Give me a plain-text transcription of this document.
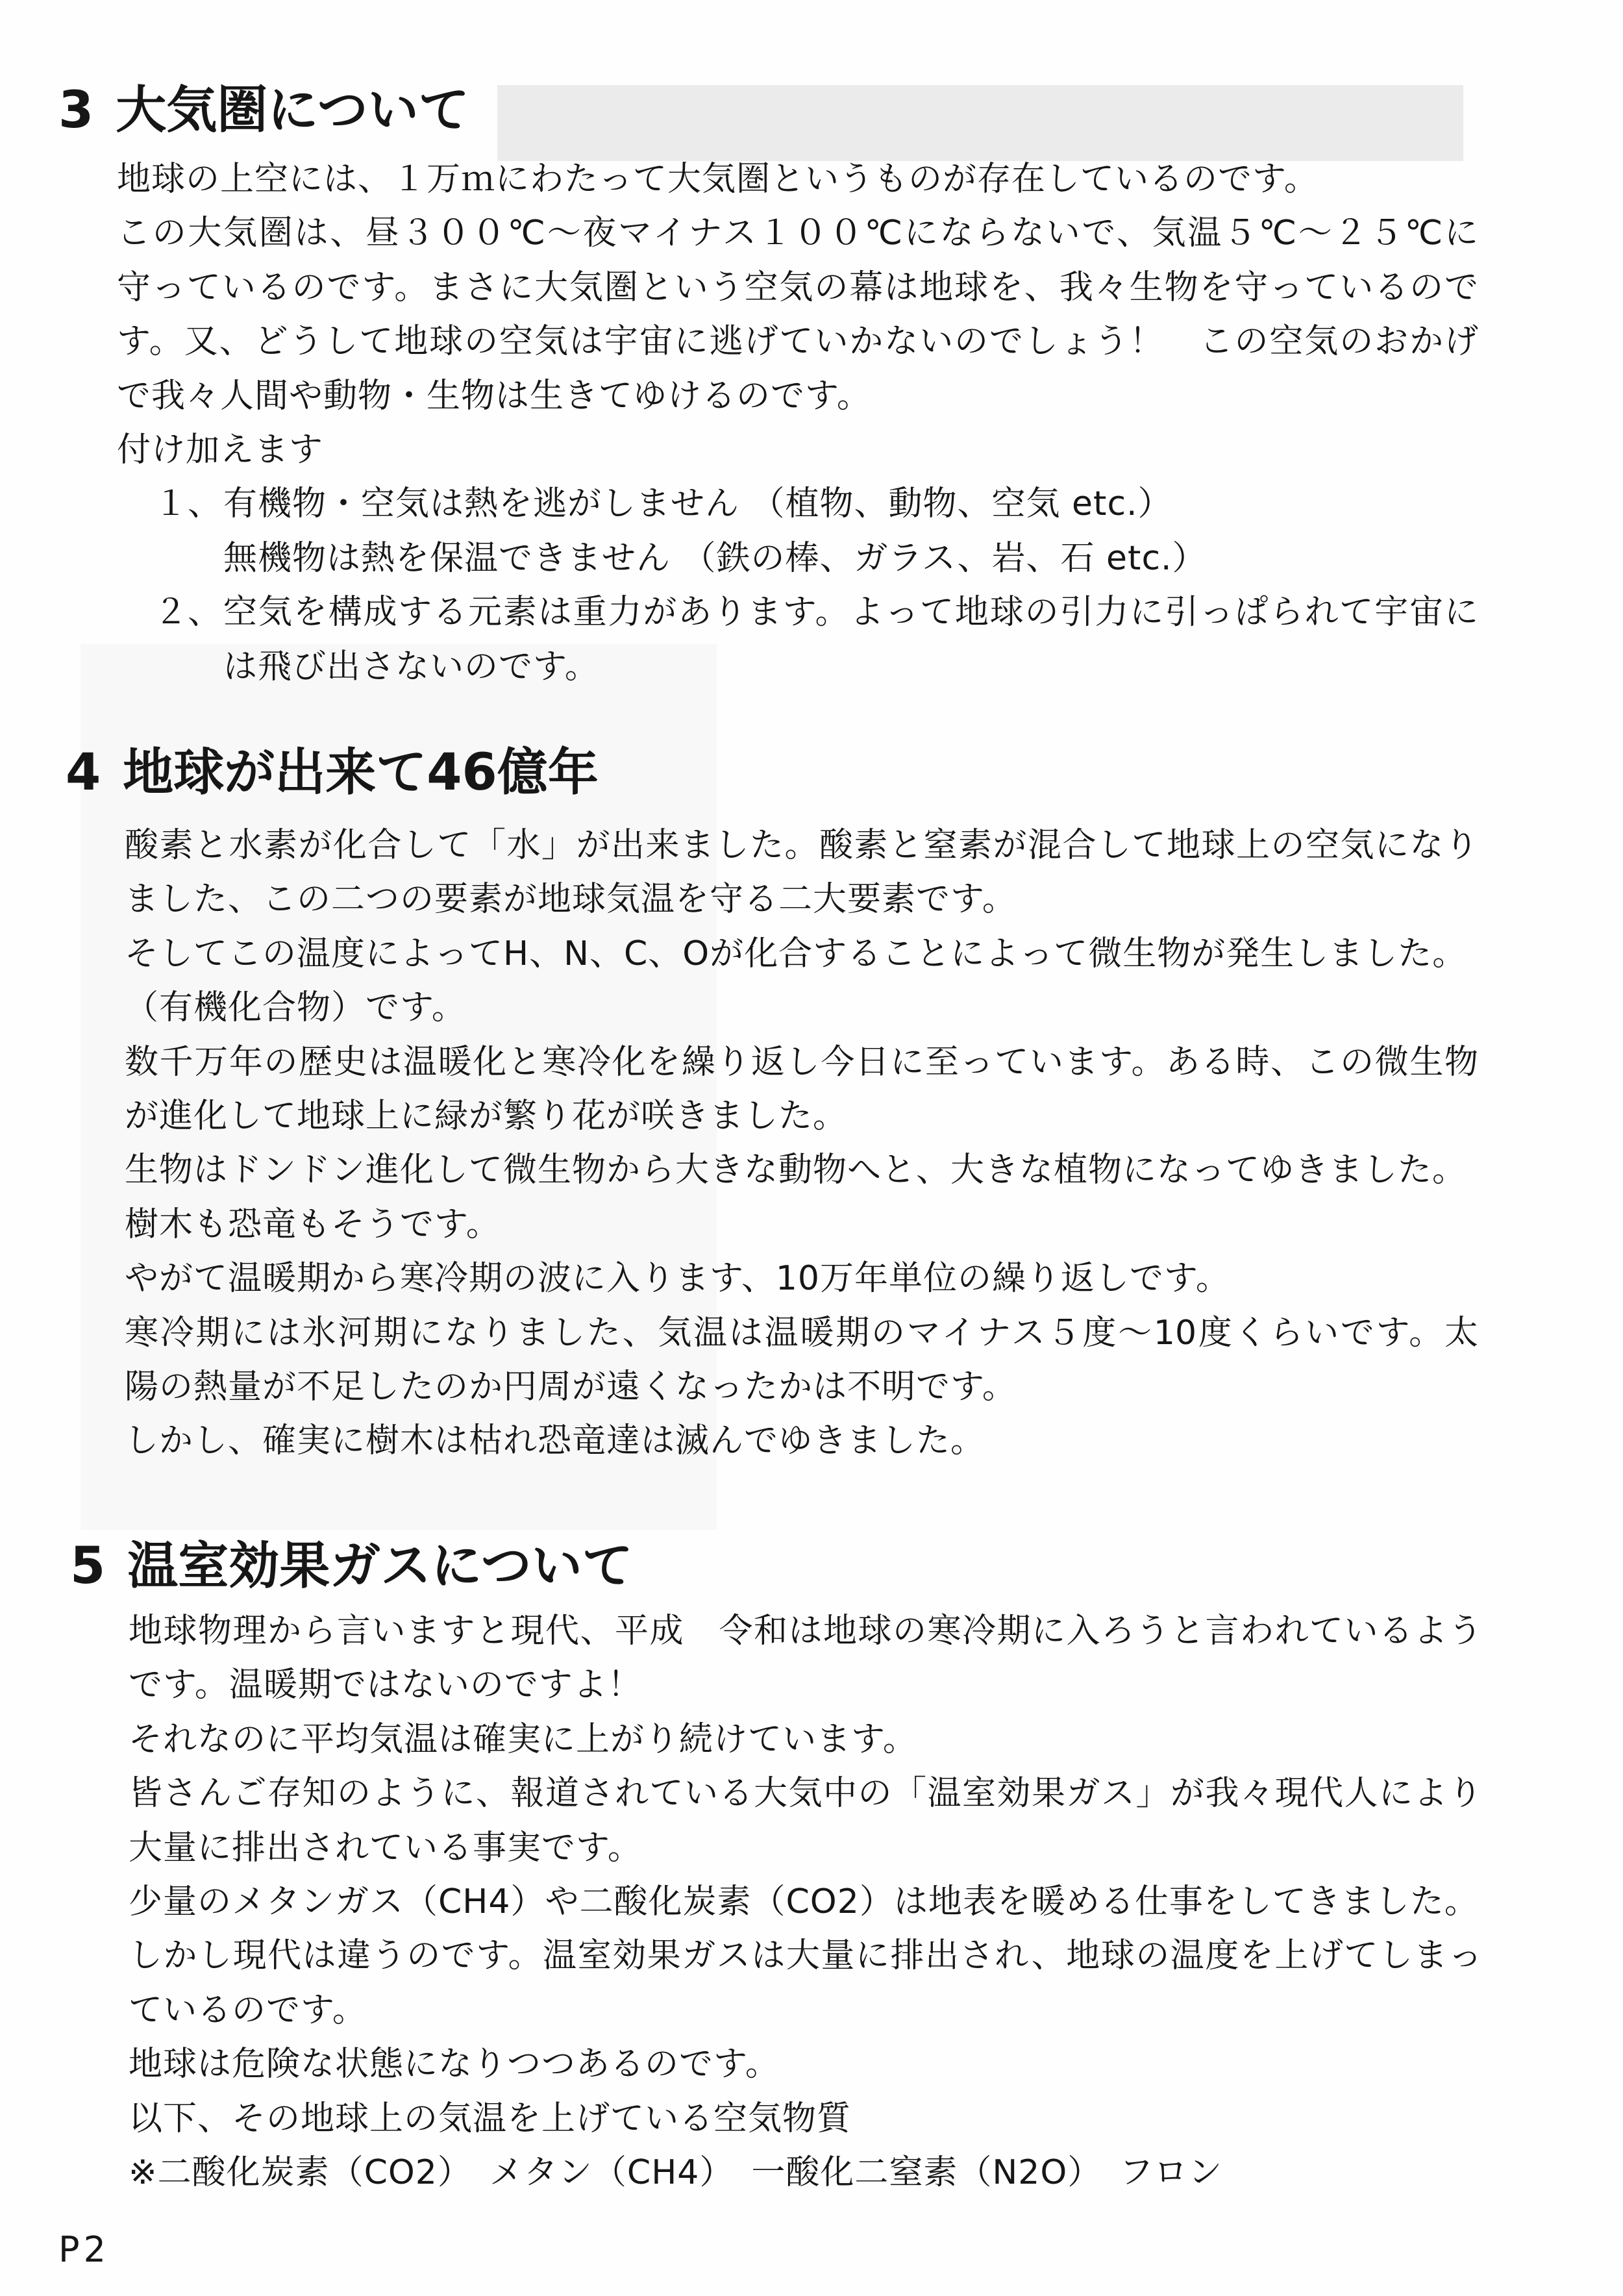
3 大気圏について
地球の上空には、１万ｍにわたって大気圏というものが存在しているのです。
この大気圏は、昼３００℃～夜マイナス１００℃にならないで、気温５℃～２５℃に
守っているのです。まさに大気圏という空気の幕は地球を、我々生物を守っているので
す。又、どうして地球の空気は宇宙に逃げていかないのでしょう！　この空気のおかげ
で我々人間や動物・生物は生きてゆけるのです。
付け加えます
１、 有機物・空気は熱を逃がしません （植物、動物、空気 etc.）
無機物は熱を保温できません （鉄の棒、ガラス、岩、石 etc.）
２、 空気を構成する元素は重力があります。よって地球の引力に引っぱられて宇宙に
は飛び出さないのです。
4 地球が出来て46億年
酸素と水素が化合して「水」が出来ました。酸素と窒素が混合して地球上の空気になり
ました、この二つの要素が地球気温を守る二大要素です。
そしてこの温度によってH、N、C、Oが化合することによって微生物が発生しました。
（有機化合物）です。
数千万年の歴史は温暖化と寒冷化を繰り返し今日に至っています。ある時、この微生物
が進化して地球上に緑が繁り花が咲きました。
生物はドンドン進化して微生物から大きな動物へと、大きな植物になってゆきました。
樹木も恐竜もそうです。
やがて温暖期から寒冷期の波に入ります、10万年単位の繰り返しです。
寒冷期には氷河期になりました、気温は温暖期のマイナス５度～10度くらいです。太
陽の熱量が不足したのか円周が遠くなったかは不明です。
しかし、確実に樹木は枯れ恐竜達は滅んでゆきました。
5 温室効果ガスについて
地球物理から言いますと現代、平成　令和は地球の寒冷期に入ろうと言われているよう
です。温暖期ではないのですよ！
それなのに平均気温は確実に上がり続けています。
皆さんご存知のように、報道されている大気中の「温室効果ガス」が我々現代人により
大量に排出されている事実です。
少量のメタンガス（CH4）や二酸化炭素（CO2）は地表を暖める仕事をしてきました。
しかし現代は違うのです。温室効果ガスは大量に排出され、地球の温度を上げてしまっ
ているのです。
地球は危険な状態になりつつあるのです。
以下、その地球上の気温を上げている空気物質
※二酸化炭素（CO2）　メタン（CH4）　一酸化二窒素（N2O）　フロン
P2
